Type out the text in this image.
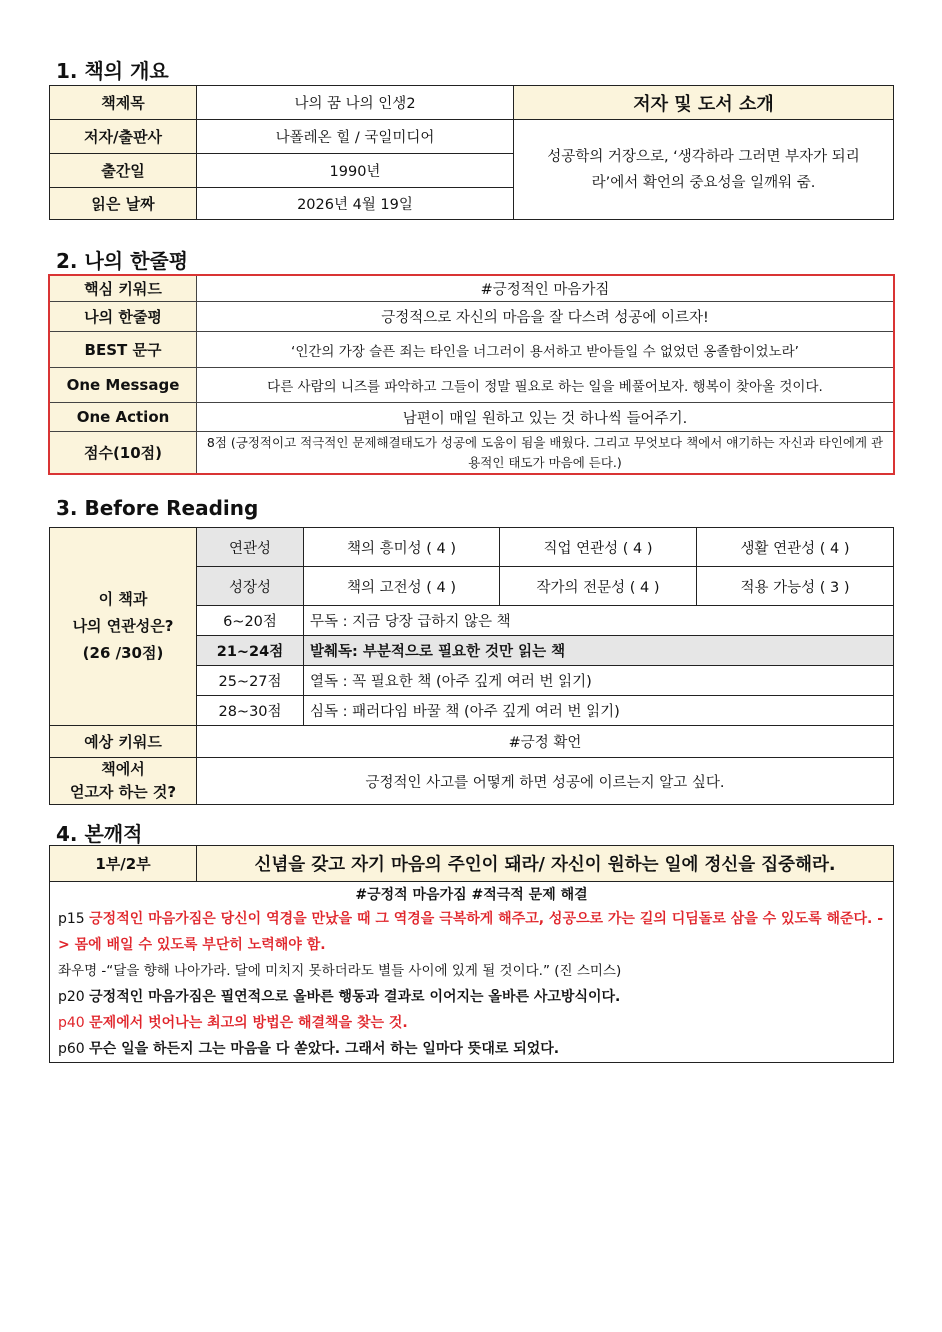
1. 책의 개요
책제목	나의 꿈 나의 인생2	저자 및 도서 소개
저자/출판사	나폴레온 힐 / 국일미디어	성공학의 거장으로, ‘생각하라 그러면 부자가 되리라’에서 확언의 중요성을 일깨워 줌.
출간일	1990년	
읽은 날짜	2026년 4월 19일	
2. 나의 한줄평
핵심 키워드	#긍정적인 마음가짐
나의 한줄평	긍정적으로 자신의 마음을 잘 다스려 성공에 이르자!
BEST 문구	‘인간의 가장 슬픈 죄는 타인을 너그러이 용서하고 받아들일 수 없었던 옹졸함이었노라’
One Message	다른 사람의 니즈를 파악하고 그들이 정말 필요로 하는 일을 베풀어보자. 행복이 찾아올 것이다.
One Action	남편이 매일 원하고 있는 것 하나씩 들어주기.
점수(10점)	8점 (긍정적이고 적극적인 문제해결태도가 성공에 도움이 됨을 배웠다. 그리고 무엇보다 책에서 얘기하는 자신과 타인에게 관용적인 태도가 마음에 든다.)
3. Before Reading
이 책과
나의 연관성은?
(26 /30점)	연관성	책의 흥미성 ( 4 )	직업 연관성 ( 4 )	생활 연관성 ( 4 )
	성장성	책의 고전성 ( 4 )	작가의 전문성 ( 4 )	적용 가능성 ( 3 )
	6~20점	무독 : 지금 당장 급하지 않은 책		
	21~24점	발췌독: 부분적으로 필요한 것만 읽는 책		
	25~27점	열독 : 꼭 필요한 책 (아주 깊게 여러 번 읽기)		
	28~30점	심독 : 패러다임 바꿀 책 (아주 깊게 여러 번 읽기)		
예상 키워드	#긍정 확언			

책에서
얻고자 하는 것?	긍정적인 사고를 어떻게 하면 성공에 이르는지 알고 싶다.			
4. 본깨적
1부/2부	신념을 갖고 자기 마음의 주인이 돼라/ 자신이 원하는 일에 정신을 집중해라.

#긍정적 마음가짐 #적극적 문제 해결

p15 긍정적인 마음가짐은 당신이 역경을 만났을 때 그 역경을 극복하게 해주고, 성공으로 가는 길의 디딤돌로 삼을 수 있도록 해준다. -> 몸에 배일 수 있도록 부단히 노력해야 함.

좌우명 -“달을 향해 나아가라. 달에 미치지 못하더라도 별들 사이에 있게 될 것이다.” (진 스미스)

p20 긍정적인 마음가짐은 필연적으로 올바른 행동과 결과로 이어지는 올바른 사고방식이다.

p40 문제에서 벗어나는 최고의 방법은 해결책을 찾는 것.

p60 무슨 일을 하든지 그는 마음을 다 쏟았다. 그래서 하는 일마다 뜻대로 되었다.
